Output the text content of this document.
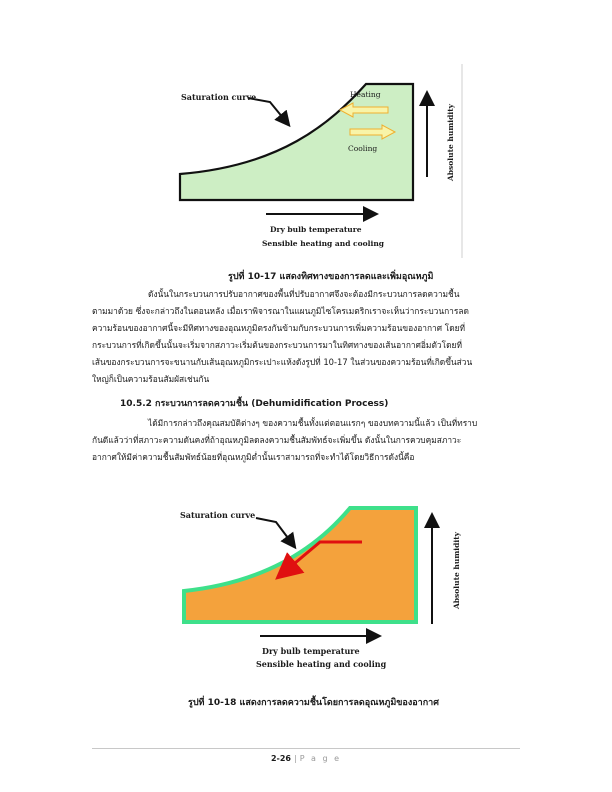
Saturation curve	Heating
Cooling	Absolute humidity
Dry bulb temperature
Sensible heating and cooling
รูปที่ 10-17 แสดงทิศทางของการลดและเพิ่มอุณหภูมิ
ดังนั้นในกระบวนการปรับอากาศของพื้นที่ปรับอากาศจึงจะต้องมีกระบวนการลดความชื้น
ตามมาด้วย ซึ่งจะกล่าวถึงในตอนหลัง เมื่อเราพิจารณาในแผนภูมิไซโครเมตริกเราจะเห็นว่ากระบวนการลด
ความร้อนของอากาศนี้จะมีทิศทางของอุณหภูมิตรงกันข้ามกับกระบวนการเพิ่มความร้อนของอากาศ โดยที่
กระบวนการที่เกิดขึ้นนั้นจะเริ่มจากสภาวะเริ่มต้นของกระบวนการมาในทิศทางของเส้นอากาศอิ่มตัวโดยที่
เส้นของกระบวนการจะขนานกับเส้นอุณหภูมิกระเปาะแห้งดังรูปที่ 10-17 ในส่วนของความร้อนที่เกิดขึ้นส่วน
ใหญ่ก็เป็นความร้อนสัมผัสเช่นกัน
10.5.2 กระบวนการลดความชื้น (Dehumidification Process)
ได้มีการกล่าวถึงคุณสมบัติต่างๆ ของความชื้นทั้งแต่ตอนแรกๆ ของบทความนี้แล้ว เป็นที่ทราบ
กันดีแล้วว่าที่สภาวะความดันคงที่ถ้าอุณหภูมิลดลงความชื้นสัมพัทธ์จะเพิ่มขึ้น ดังนั้นในการควบคุมสภาวะ
อากาศให้มีค่าความชื้นสัมพัทธ์น้อยที่อุณหภูมิต่ำนั้นเราสามารถที่จะทำได้โดยวิธีการดังนี้คือ
Saturation curve
Absolute humidity
Dry bulb temperature
Sensible heating and cooling
รูปที่ 10-18 แสดงการลดความชื้นโดยการลดอุณหภูมิของอากาศ
2-26 | P a g e
